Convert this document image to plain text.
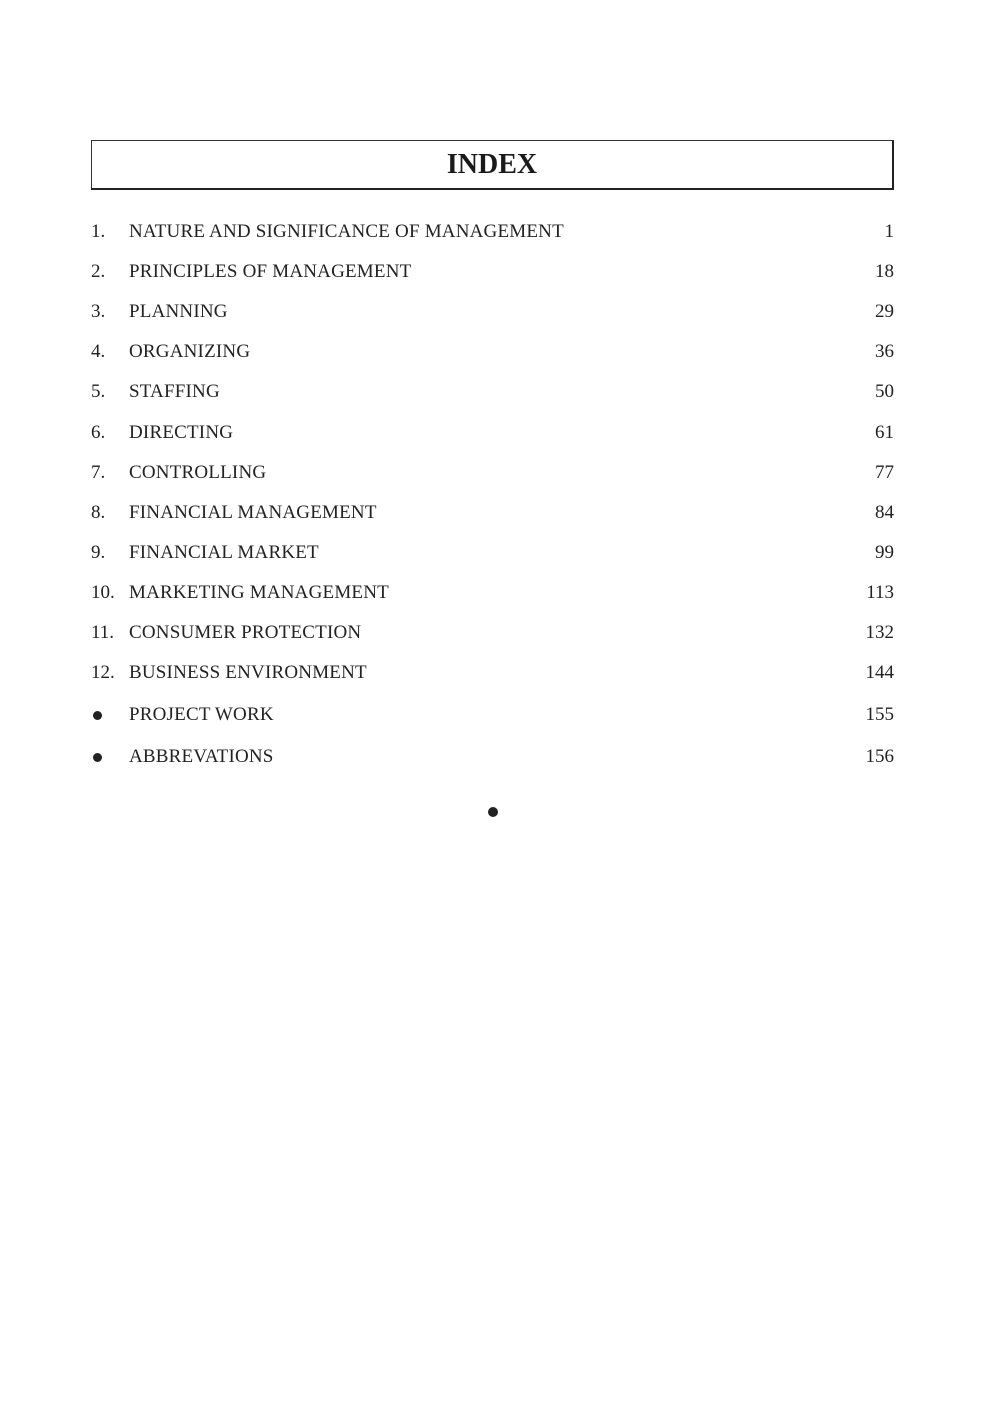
INDEX
1. NATURE AND SIGNIFICANCE OF MANAGEMENT	1
2. PRINCIPLES OF MANAGEMENT	18
3. PLANNING	29
4. ORGANIZING	36
5. STAFFING	50
6. DIRECTING	61
7. CONTROLLING	77
8. FINANCIAL MANAGEMENT	84
9. FINANCIAL MARKET	99
10. MARKETING MANAGEMENT	113
11. CONSUMER PROTECTION	132
12. BUSINESS ENVIRONMENT	144
PROJECT WORK	155
ABBREVATIONS	156
